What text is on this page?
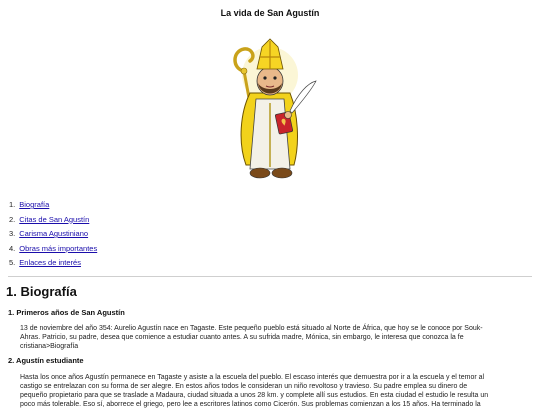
La vida de San Agustín
1. Biografía
2. Citas de San Agustín
3. Carisma Agustiniano
4. Obras más importantes
5. Enlaces de interés
1. Biografía
1. Primeros años de San Agustín
13 de noviembre del año 354: Aurelio Agustín nace en Tagaste. Este pequeño pueblo está situado al Norte de África, que hoy se le conoce por Souk-
Ahras. Patricio, su padre, desea que comience a estudiar cuanto antes. A su sufrida madre, Mónica, sin embargo, le interesa que conozca la fe
cristiana>Biografía
2. Agustín estudiante
Hasta los once años Agustín permanece en Tagaste y asiste a la escuela del pueblo. El escaso interés que demuestra por ir a la escuela y el temor al
castigo se entrelazan con su forma de ser alegre. En estos años todos le consideran un niño revoltoso y travieso. Su padre emplea su dinero de
pequeño propietario para que se traslade a Madaura, ciudad situada a unos 28 km. y complete allí sus estudios. En esta ciudad el estudio le resulta un
poco más tolerable. Eso sí, aborrece el griego, pero lee a escritores latinos como Cicerón. Sus problemas comienzan a los 15 años. Ha terminado la
